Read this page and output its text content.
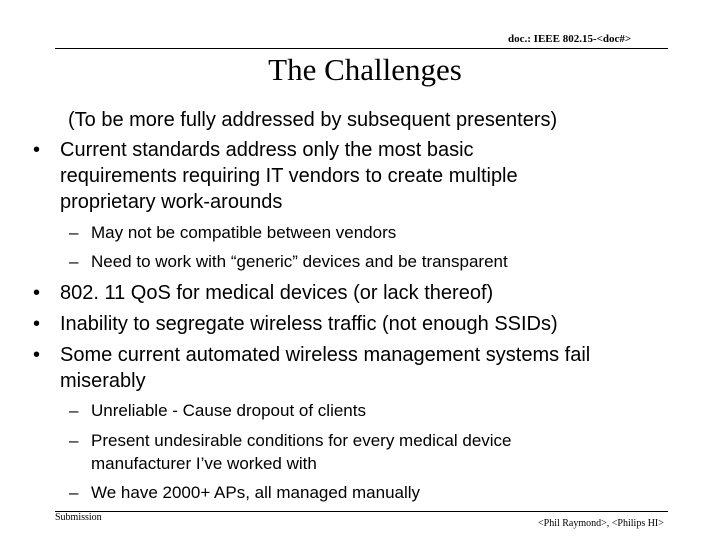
doc.: IEEE 802.15-<doc#>
The Challenges
(To be more fully addressed by subsequent presenters)
• Current standards address only the most basic
requirements requiring IT vendors to create multiple
proprietary work-arounds
– May not be compatible between vendors
– Need to work with “generic” devices and be transparent
• 802. 11 QoS for medical devices (or lack thereof)
• Inability to segregate wireless traffic (not enough SSIDs)
• Some current automated wireless management systems fail
miserably
– Unreliable - Cause dropout of clients
– Present undesirable conditions for every medical device
manufacturer I’ve worked with
– We have 2000+ APs, all managed manually
Submission
<Phil Raymond>, <Philips HI>
